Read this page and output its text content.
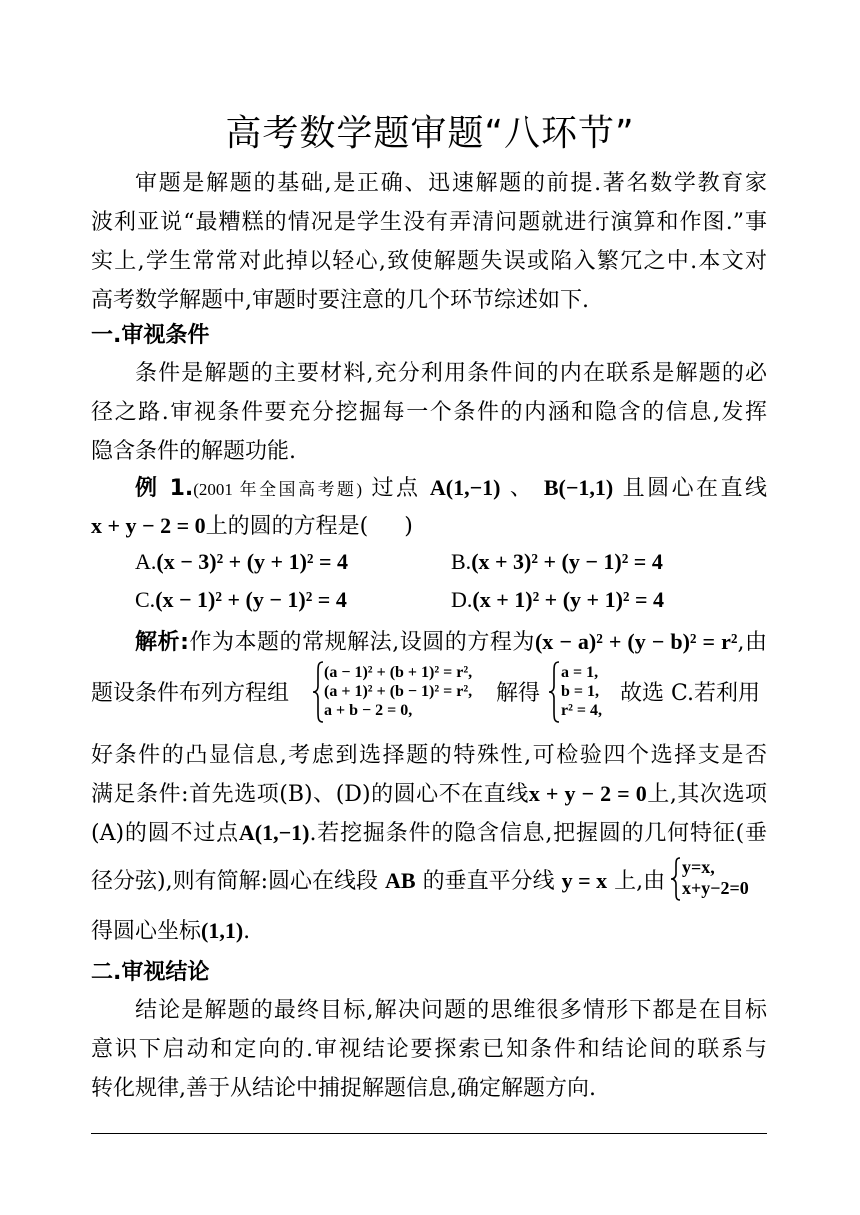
高考数学题审题“八环节”
审题是解题的基础,是正确、迅速解题的前提.著名数学教育家
波利亚说“最糟糕的情况是学生没有弄清问题就进行演算和作图.”事
实上,学生常常对此掉以轻心,致使解题失误或陷入繁冗之中.本文对
高考数学解题中,审题时要注意的几个环节综述如下.
一.审视条件
条件是解题的主要材料,充分利用条件间的内在联系是解题的必
径之路.审视条件要充分挖掘每一个条件的内涵和隐含的信息,发挥
隐含条件的解题功能.
例 1.(2001 年全国高考题) 过点 A(1,−1) 、 B(−1,1) 且圆心在直线
x + y − 2 = 0上的圆的方程是( )
A.(x − 3)² + (y + 1)² = 4	B.(x + 3)² + (y − 1)² = 4
C.(x − 1)² + (y − 1)² = 4	D.(x + 1)² + (y + 1)² = 4
解析:作为本题的常规解法,设圆的方程为(x − a)² + (y − b)² = r²,由
题设条件布列方程组
(a − 1)² + (b + 1)² = r²,
(a + 1)² + (b − 1)² = r²,
a + b − 2 = 0,
解得
a = 1,
b = 1,
r² = 4,
故选 C.若利用
好条件的凸显信息,考虑到选择题的特殊性,可检验四个选择支是否
满足条件:首先选项(B)、(D)的圆心不在直线x + y − 2 = 0上,其次选项
(A)的圆不过点A(1,−1).若挖掘条件的隐含信息,把握圆的几何特征(垂
径分弦),则有简解:圆心在线段 AB 的垂直平分线 y = x 上,由
y=x,
x+y−2=0
得圆心坐标(1,1).
二.审视结论
结论是解题的最终目标,解决问题的思维很多情形下都是在目标
意识下启动和定向的.审视结论要探索已知条件和结论间的联系与
转化规律,善于从结论中捕捉解题信息,确定解题方向.
